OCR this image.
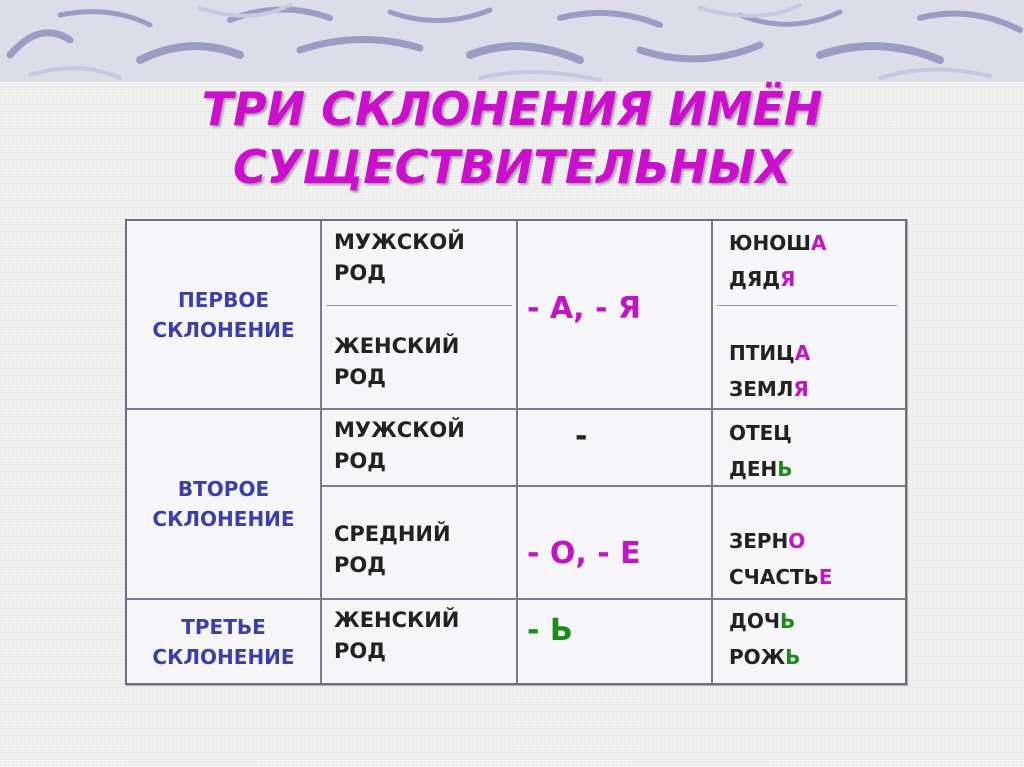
ТРИ СКЛОНЕНИЯ ИМЁН
СУЩЕСТВИТЕЛЬНЫХ
ПЕРВОЕ
СКЛОНЕНИЕ
МУЖСКОЙ
РОД
ЖЕНСКИЙ
РОД
- А, - Я
ЮНОША
ДЯДЯ
ПТИЦА
ЗЕМЛЯ
ВТОРОЕ
СКЛОНЕНИЕ
МУЖСКОЙ
РОД
СРЕДНИЙ
РОД
-
- О, - Е
ОТЕЦ
ДЕНЬ
ЗЕРНО
СЧАСТЬЕ
ТРЕТЬЕ
СКЛОНЕНИЕ
ЖЕНСКИЙ
РОД
- Ь	ДОЧЬ
РОЖЬ
